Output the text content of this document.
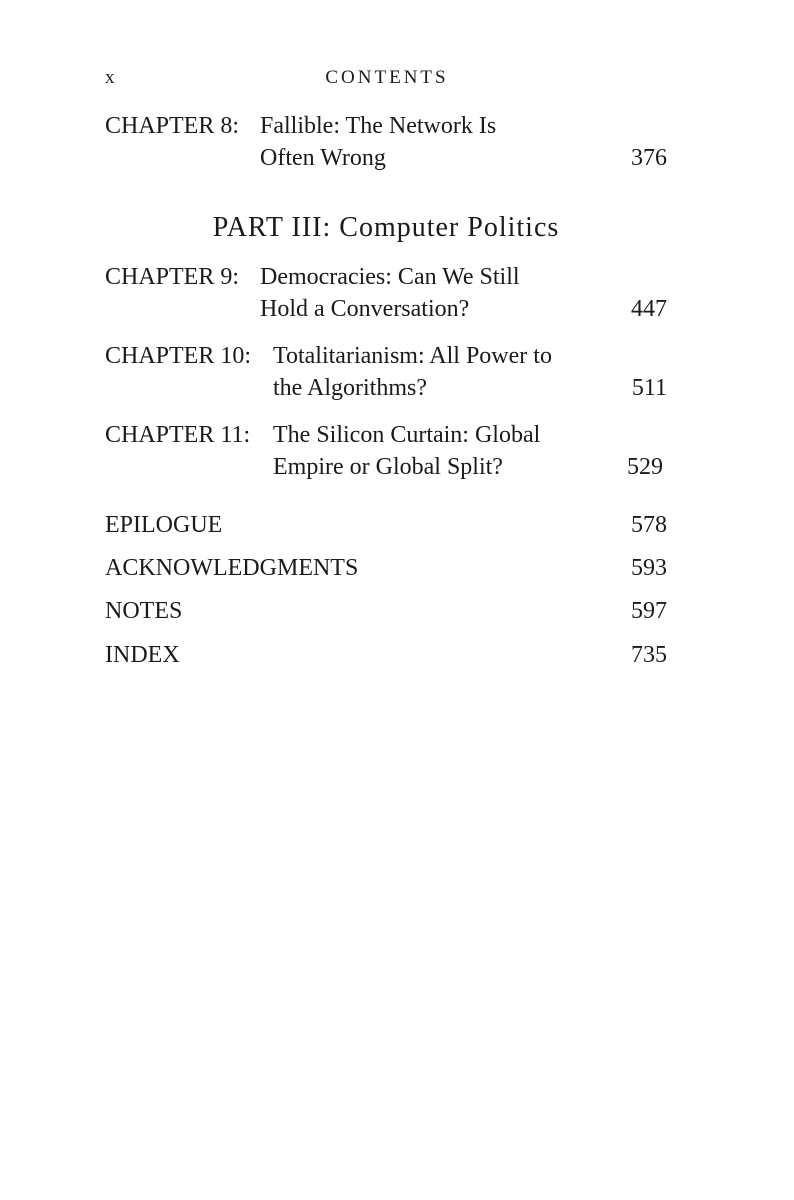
x	CONTENTS
CHAPTER 8: Fallible: The Network Is
Often Wrong	376
PART III: Computer Politics
CHAPTER 9: Democracies: Can We Still
Hold a Conversation?	447
CHAPTER 10: Totalitarianism: All Power to
the Algorithms?	511
CHAPTER 11: The Silicon Curtain: Global
Empire or Global Split?	529
EPILOGUE	578
ACKNOWLEDGMENTS	593
NOTES	597
INDEX	735
